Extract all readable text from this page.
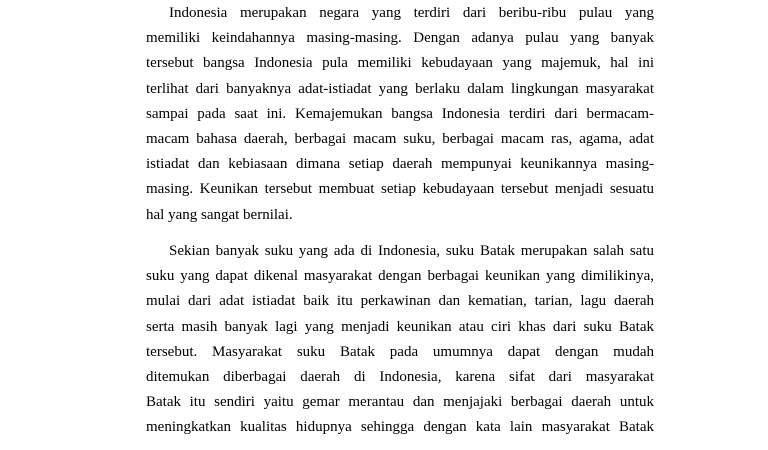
Indonesia merupakan negara yang terdiri dari beribu-ribu pulau yang
memiliki keindahannya masing-masing. Dengan adanya pulau yang banyak
tersebut bangsa Indonesia pula memiliki kebudayaan yang majemuk, hal ini
terlihat dari banyaknya adat-istiadat yang berlaku dalam lingkungan masyarakat
sampai pada saat ini. Kemajemukan bangsa Indonesia terdiri dari bermacam-
macam bahasa daerah, berbagai macam suku, berbagai macam ras, agama, adat
istiadat dan kebiasaan dimana setiap daerah mempunyai keunikannya masing-
masing. Keunikan tersebut membuat setiap kebudayaan tersebut menjadi sesuatu
hal yang sangat bernilai.
Sekian banyak suku yang ada di Indonesia, suku Batak merupakan salah satu
suku yang dapat dikenal masyarakat dengan berbagai keunikan yang dimilikinya,
mulai dari adat istiadat baik itu perkawinan dan kematian, tarian, lagu daerah
serta masih banyak lagi yang menjadi keunikan atau ciri khas dari suku Batak
tersebut. Masyarakat suku Batak pada umumnya dapat dengan mudah
ditemukan diberbagai daerah di Indonesia, karena sifat dari masyarakat
Batak itu sendiri yaitu gemar merantau dan menjajaki berbagai daerah untuk
meningkatkan kualitas hidupnya sehingga dengan kata lain masyarakat Batak
